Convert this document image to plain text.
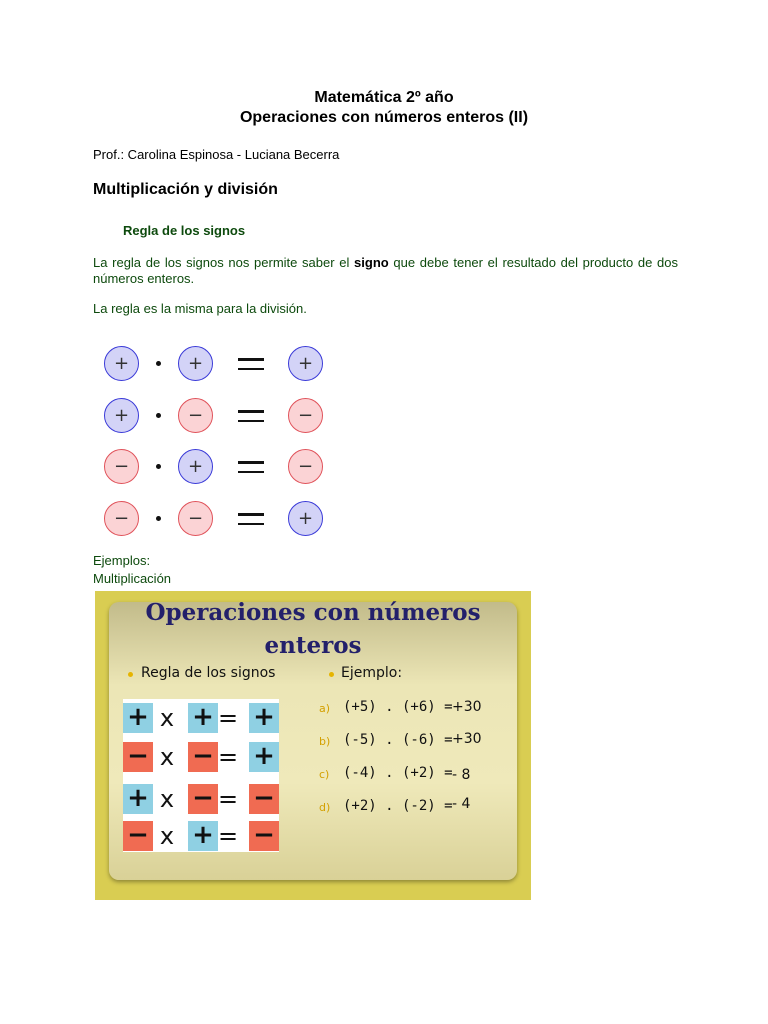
Matemática 2º año
Operaciones con números enteros (II)
Prof.: Carolina Espinosa - Luciana Becerra
Multiplicación y división
Regla de los signos
La regla de los signos nos permite saber el signo que debe tener el resultado del producto de dos números enteros.
La regla es la misma para la división.
+	+	+
+	−	−
−	+	−
−	−	+
Ejemplos:
Multiplicación
Operaciones con números
enteros
Regla de los signos	Ejemplo:
+ x + = +
− x − = +
+ x − = −
− x + = −
a) (+5) . (+6) = +30
b) (-5) . (-6) = +30
c) (-4) . (+2) = - 8
d) (+2) . (-2) = - 4
